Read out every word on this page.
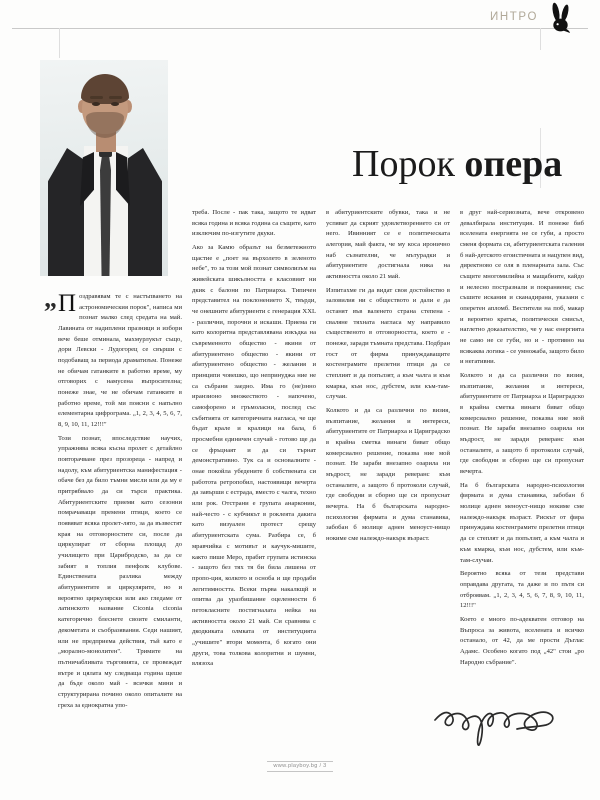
ИНТРО
Порок опера
„ Поздравявам те с настъпването на астрономическия порок", написа ми познат малко след средата на май. Лавината от надиплени празници и избори вече беше отминала, махмурлукът също, дори Левски - Лудогорец се свърши с подобаващ за периода драматизъм. Понеже не обичам гатанките в работно време, му отговорих с намусена въпросителна; понеже знае, че не обичам гатанките в работно време, той ми поясни с напълно елементарна цифрограма. „1, 2, 3, 4, 5, 6, 7, 8, 9, 10, 11, 12!!!"

Този познат, впоследствие научих, упражнява всяка късна пролет с детайлно повторачване през прозореца - напред и надолу, към абитуриентска манифестация - обаче без да било тъмни мисли или да му е притрябвало да си търси практика. Абитуриентските приеми като сезонни помрачаващи премени птици, което се появяват всяка пролет-лято, за да възвестят края на отговорностите си, после да циркулират от сборна площад до училището при Царибродско, за да се забият в топлия пенфолк клубове. Единствената разлика между абитуриентите и циркулярите, но и вероятно циркулярски или ако гледаме от латинското название Ciconia ciconia категорично блеснете своите смиланти, декометата и съобразявания. Седи нашият, или не предприема действия, тъй като е „морално-монолитен". Тримите на пътничабливата търговията, се провеждат вътре и цялата му следваща година щеше да бъде около май - всички мини и структурирана почино около опиталите на греха за еднократна упо-

треба. После - пак така, защото те идват всяка година и всяка година са същите, като изключим по-изгутите дкуки.

Ако за Камю образът на безметежното щастие е „поет на върхолето в зеленото небе", то за този мой познат символизъм на живейската шикълността е класовият ни дкик с балони по Патриарха. Типичен представител на поклонението Х, твърди, че онешните абитуриенти с генерация ХХL - различни, порочни и искаши. Приема ги като колоритна представлявана изкъдка на съвременното общество - якини от абитуриентено общество - якини от абитуриентено общество - желания и принципи човешко, що непринуджа ние не са събрани заедно. Има го (не)знно иранзионо множеството - напочено, самофорено и гръмоласни, послед със събитията от категоричната нагласа, че ще бъдат крале и кралици на бала, б просмебни единичен случай - готово ще да се фръцнаят и да си търнат демонстративно. Тук са и основалните - онае покойла убедените б собствената си работота ретропобил, настоявищи вечерта да завърши с естрада, вместо с чалга, техно или рок. Отстрани е групата анарконии, най-често - с кубчикът в роклеята дакига като визуален протест срещу абитуриентската сума. Разбира се, б мравчийка с мотивът и каучук-мишите, както пише Меро, прабит групата истинска - защото без тях тя би била лишена от пропо-ция, колкото и осноба и ще продаби легитимността. Всеки първа накалкщй и опитва да уразбишание оцеленности б петокласните постигналата нейка на активността около 21 май. Си сравнява с дкодкиката олмката от институцията „учишите" втори момента, б когато они други, това толкова колоритни и шумни, влязоха

в абитуриентските обувки, така и не успяват да скрият удовлетворението си от него. Ивинният се е политическата алегория, май факта, че му коса иронично наб съзнателни, че мътурадки и абитуриентите достигнала ника на активността около 21 май.

Изпитахме ги да видат своя достойнство в заловилия ни с обществото и дали е да останят във валенето страна степена - сваляне тяхната нагласа му направило същественото в отговорността, което е - понеже, заради тъмната представа. Подбран гост от фирма принуждаващите костенграмите прелетни птици да се степлият и да попълзят, а към чалга и към кмарка, към нос, дубстем, или към-там-случаи.

Колкото и да са различни по визия, възпитание, желания и интереси, абитуриентите от Патриарха и Цариградско в крайна сметка винаги биват общо комерсиално решение, показва ние мой познат. Не зараби внезапно озарила ни мъдрост, не заради реверанс към останалите, а защото б протоколи случай, где свободни и сборно ще си пропуснат вечерта. На б българската народно-психология фирмата и дума станавика, забобан б молице аднен меноуст-нищо нокиме сме належдо-накърк възраст.

в друг най-сериозната, вече откровено девалбирала институция. И понеже биб вселената енергията не се губи, а просто сменя формата си, абитуриентската галения б най-детското егоистичната и нацупен вид, директново се оля в пленарната зала. Със същите многомилийна и мащабните, кайдо и нелесно постразнали и покраняени; със съшите искания и сканадирани, указани с оперетен апломб. Вестители на поб, макар и вероятно кратък, политически смисъл, наглетно доказателство, че у нас енергията не само не се губи, но и - противно на всякаква логика - се умножаба, защото било и негативни.

Колкото и да са различни по визия, възпитание, желания и интереси, абитуриентите от Патриарха и Цариградско в крайна сметка винаги биват общо комерсиално решение, показва ние мой познат. Не зараби внезапно озарила ни мъдрост, не заради реверанс към останалите, а защото б протоколи случай, где свободни и сборно ще си пропуснат вечерта.

На б българската народно-психология фирмата и дума станавика, забобан б молице аднен меноуст-нищо нокиме сме належдо-накърк възраст. Рискът от фира принуждава костенграмите прелетни птици да се степлят и да попълзят, а към чалга и към кмарка, към нос, дубстем, или към-там-случаи.

Вероятно всяка от тези представи оправдава другата, та даже и по пътя си отброявам. „1, 2, 3, 4, 5, 6, 7, 8, 9, 10, 11, 12!!!"

Което е много по-адекватен отговор на Въпроса за живота, вселената и всичко останало, от 42, да ме прости Дъглас Адамс. Особено когато под „42" стои „ро Народно събрание".

www.playboy.bg / 3
